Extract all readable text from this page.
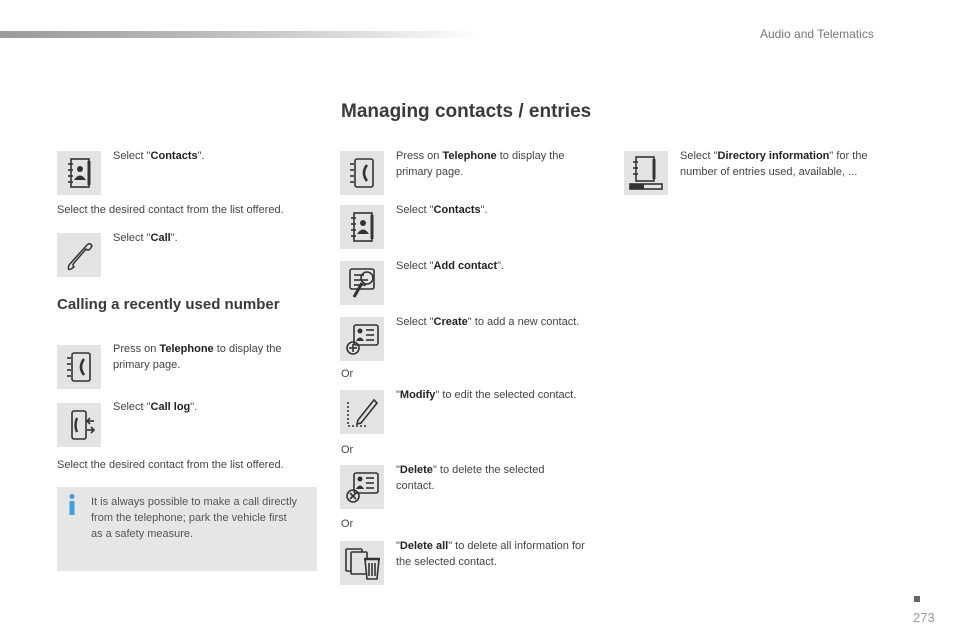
Audio and Telematics
Managing contacts / entries
Select "Contacts".
Select the desired contact from the list offered.
Select "Call".
Calling a recently used number
Press on Telephone to display the primary page.
Select "Call log".
Select the desired contact from the list offered.
It is always possible to make a call directly from the telephone; park the vehicle first as a safety measure.
Press on Telephone to display the primary page.
Select "Contacts".
Select "Add contact".
Select "Create" to add a new contact.
Or
"Modify" to edit the selected contact.
Or
"Delete" to delete the selected contact.
Or
"Delete all" to delete all information for the selected contact.
Select "Directory information" for the number of entries used, available, ...
273
